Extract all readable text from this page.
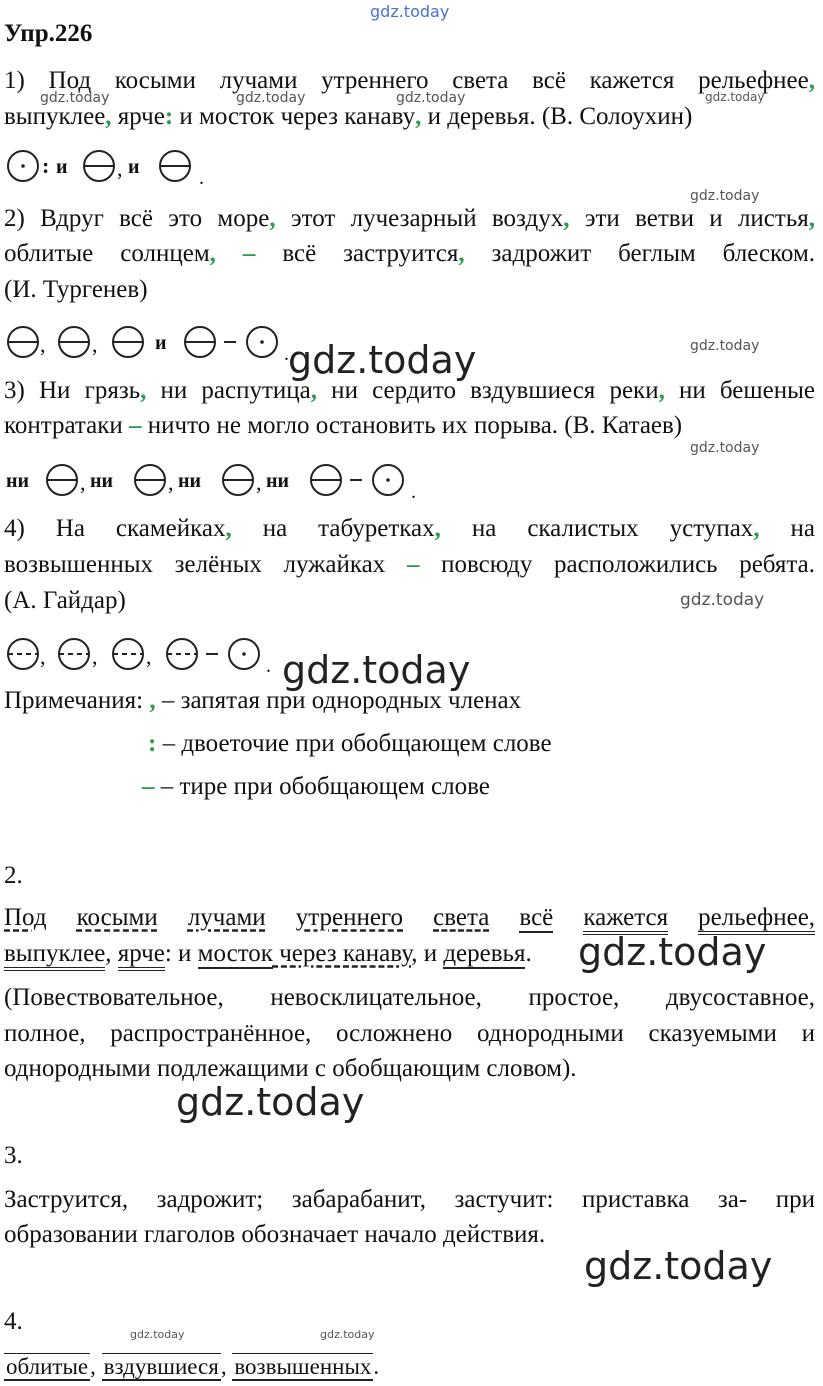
gdz.today
Упр.226
1) Под косыми лучами утреннего света всё кажется рельефнее,
gdz.today	gdz.today	gdz.today	gdz.today
выпуклее, ярче: и мосток через канаву, и деревья. (В. Солоухин)
: и , и	.
gdz.today
2) Вдруг всё это море, этот лучезарный воздух, эти ветви и листья,
облитые солнцем, – всё заструится, задрожит беглым блеском.
(И. Тургенев)
, ,	и	. gdz.today	gdz.today
3) Ни грязь, ни распутица, ни сердито вздувшиеся реки, ни бешеные
контратаки – ничто не могло остановить их порыва. (В. Катаев)
gdz.today
ни , ни , ни , ни	.
4) На скамейках, на табуретках, на скалистых уступах, на
возвышенных зелёных лужайках – повсюду расположились ребята.
(А. Гайдар)	gdz.today
, , ,	. gdz.today
Примечания: , – запятая при однородных членах
: – двоеточие при обобщающем слове
– – тире при обобщающем слове
2.
Под косыми лучами утреннего света всё кажется рельефнее,
выпуклее, ярче: и мосток через канаву, и деревья.	gdz.today
(Повествовательное, невосклицательное, простое, двусоставное,
полное, распространённое, осложнено однородными сказуемыми и
однородными подлежащими с обобщающим словом).
gdz.today
3.
Заструится, задрожит; забарабанит, застучит: приставка за- при
образовании глаголов обозначает начало действия.
gdz.today
4.	gdz.today	gdz.today
облитые, вздувшиеся, возвышенных.
